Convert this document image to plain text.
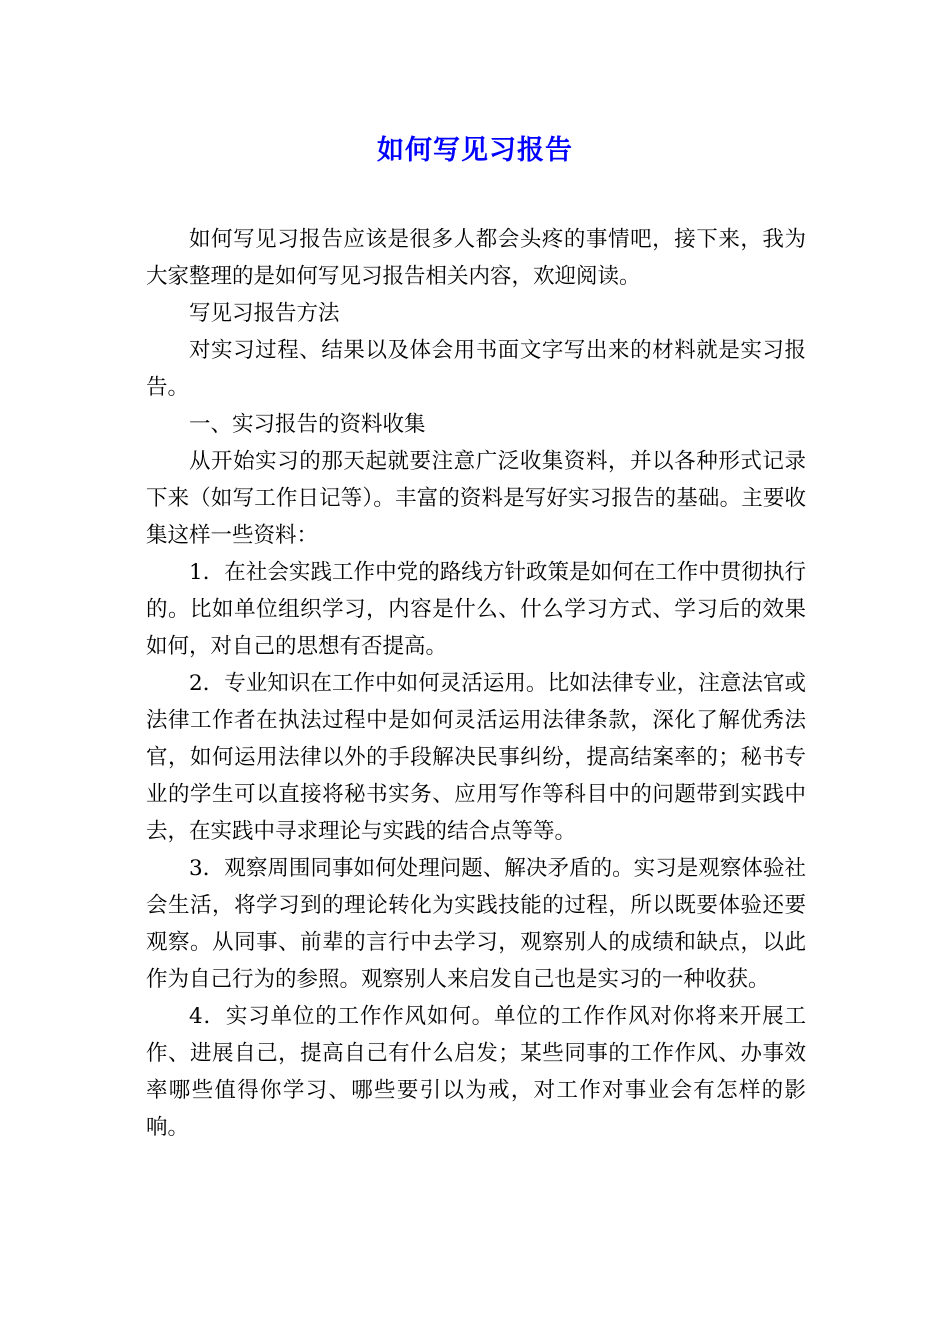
如何写见习报告

如何写见习报告应该是很多人都会头疼的事情吧，接下来，我为大家整理的是如何写见习报告相关内容，欢迎阅读。

写见习报告方法

对实习过程、结果以及体会用书面文字写出来的材料就是实习报告。

一、实习报告的资料收集

从开始实习的那天起就要注意广泛收集资料，并以各种形式记录下来（如写工作日记等）。丰富的资料是写好实习报告的基础。主要收集这样一些资料：

1．在社会实践工作中党的路线方针政策是如何在工作中贯彻执行的。比如单位组织学习，内容是什么、什么学习方式、学习后的效果如何，对自己的思想有否提高。

2．专业知识在工作中如何灵活运用。比如法律专业，注意法官或法律工作者在执法过程中是如何灵活运用法律条款，深化了解优秀法官，如何运用法律以外的手段解决民事纠纷，提高结案率的；秘书专业的学生可以直接将秘书实务、应用写作等科目中的问题带到实践中去，在实践中寻求理论与实践的结合点等等。

3．观察周围同事如何处理问题、解决矛盾的。实习是观察体验社会生活，将学习到的理论转化为实践技能的过程，所以既要体验还要观察。从同事、前辈的言行中去学习，观察别人的成绩和缺点，以此作为自己行为的参照。观察别人来启发自己也是实习的一种收获。

4．实习单位的工作作风如何。单位的工作作风对你将来开展工作、进展自己，提高自己有什么启发；某些同事的工作作风、办事效率哪些值得你学习、哪些要引以为戒，对工作对事业会有怎样的影响。
